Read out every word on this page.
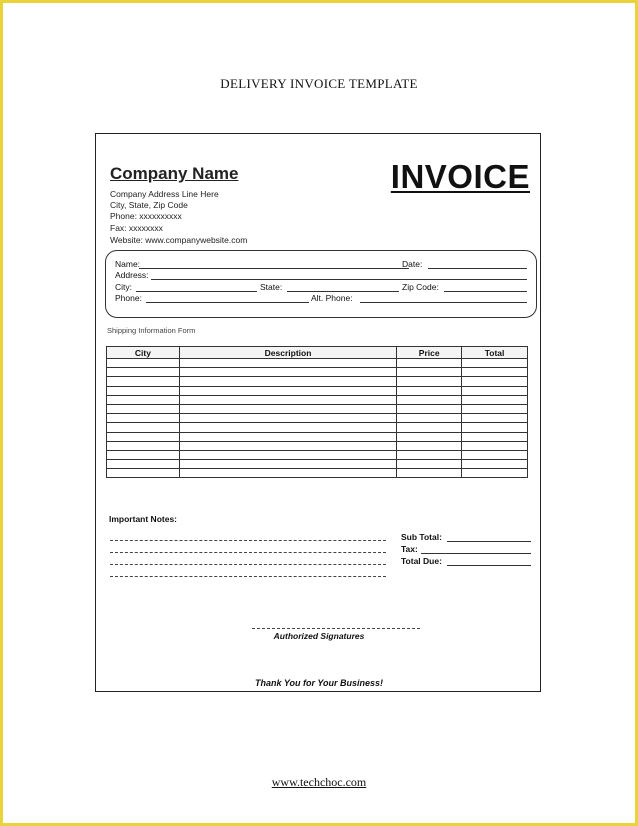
DELIVERY INVOICE TEMPLATE
Company Name
Company Address Line Here
City, State, Zip Code
Phone: xxxxxxxxxx
Fax: xxxxxxxx
Website: www.companywebsite.com
INVOICE
Name:	Date:
Address:
City:	State:	Zip Code:
Phone:	Alt. Phone:
Shipping Information Form
City	Description	Price	Total

Important Notes:
Sub Total:
Tax:
Total Due:
Authorized Signatures
Thank You for Your Business!
www.techchoc.com
